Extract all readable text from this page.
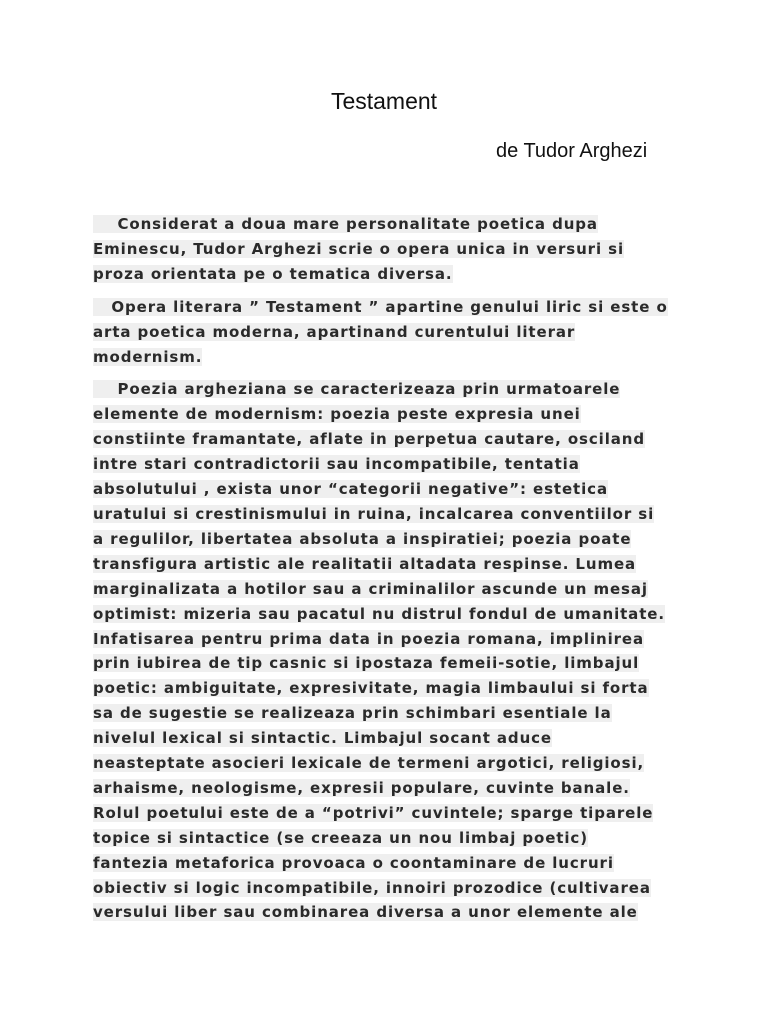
Testament

de Tudor Arghezi

Considerat a doua mare personalitate poetica dupa
Eminescu, Tudor Arghezi scrie o opera unica in versuri si
proza orientata pe o tematica diversa.
Opera literara ” Testament ” apartine genului liric si este o
arta poetica moderna, apartinand curentului literar
modernism.
Poezia argheziana se caracterizeaza prin urmatoarele
elemente de modernism: poezia peste expresia unei
constiinte framantate, aflate in perpetua cautare, osciland
intre stari contradictorii sau incompatibile, tentatia
absolutului , exista unor “categorii negative”: estetica
uratului si crestinismului in ruina, incalcarea conventiilor si
a regulilor, libertatea absoluta a inspiratiei; poezia poate
transfigura artistic ale realitatii altadata respinse. Lumea
marginalizata a hotilor sau a criminalilor ascunde un mesaj
optimist: mizeria sau pacatul nu distrul fondul de umanitate.
Infatisarea pentru prima data in poezia romana, implinirea
prin iubirea de tip casnic si ipostaza femeii-sotie, limbajul
poetic: ambiguitate, expresivitate, magia limbaului si forta
sa de sugestie se realizeaza prin schimbari esentiale la
nivelul lexical si sintactic. Limbajul socant aduce
neasteptate asocieri lexicale de termeni argotici, religiosi,
arhaisme, neologisme, expresii populare, cuvinte banale.
Rolul poetului este de a “potrivi” cuvintele; sparge tiparele
topice si sintactice (se creeaza un nou limbaj poetic)
fantezia metaforica provoaca o coontaminare de lucruri
obiectiv si logic incompatibile, innoiri prozodice (cultivarea
versului liber sau combinarea diversa a unor elemente ale
